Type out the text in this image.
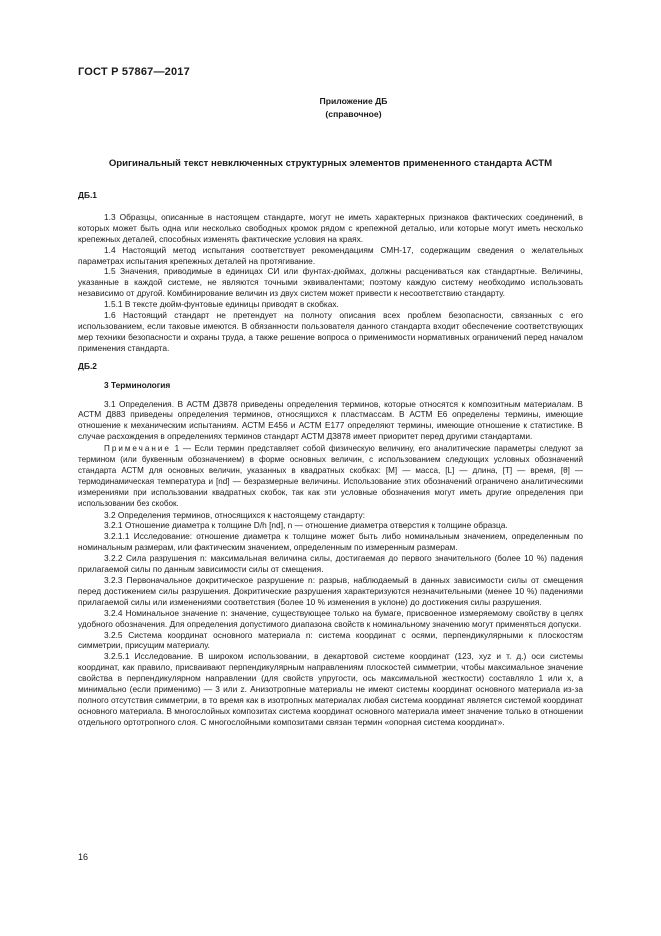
ГОСТ Р 57867—2017
Приложение ДБ
(справочное)
Оригинальный текст невключенных структурных элементов примененного стандарта АСТМ

ДБ.1

1.3 Образцы, описанные в настоящем стандарте, могут не иметь характерных признаков фактических соединений, в которых может быть одна или несколько свободных кромок рядом с крепежной деталью, или которые могут иметь несколько крепежных деталей, способных изменять фактические условия на краях.

1.4 Настоящий метод испытания соответствует рекомендациям СМН-17, содержащим сведения о желательных параметрах испытания крепежных деталей на протягивание.

1.5 Значения, приводимые в единицах СИ или фунтах-дюймах, должны расцениваться как стандартные. Величины, указанные в каждой системе, не являются точными эквивалентами; поэтому каждую систему необходимо использовать независимо от другой. Комбинирование величин из двух систем может привести к несоответствию стандарту.

1.5.1 В тексте дюйм-фунтовые единицы приводят в скобках.

1.6 Настоящий стандарт не претендует на полноту описания всех проблем безопасности, связанных с его использованием, если таковые имеются. В обязанности пользователя данного стандарта входит обеспечение соответствующих мер техники безопасности и охраны труда, а также решение вопроса о применимости нормативных ограничений перед началом применения стандарта.

ДБ.2

3 Терминология

3.1 Определения. В АСТМ Д3878 приведены определения терминов, которые относятся к композитным материалам. В АСТМ Д883 приведены определения терминов, относящихся к пластмассам. В АСТМ Е6 определены термины, имеющие отношение к механическим испытаниям. АСТМ Е456 и АСТМ Е177 определяют термины, имеющие отношение к статистике. В случае расхождения в определениях терминов стандарт АСТМ Д3878 имеет приоритет перед другими стандартами.

Примечание 1 — Если термин представляет собой физическую величину, его аналитические параметры следуют за термином (или буквенным обозначением) в форме основных величин, с использованием следующих условных обозначений стандарта АСТМ для основных величин, указанных в квадратных скобках: [М] — масса, [L] — длина, [Т] — время, [θ] — термодинамическая температура и [nd] — безразмерные величины. Использование этих обозначений ограничено аналитическими измерениями при использовании квадратных скобок, так как эти условные обозначения могут иметь другие определения при использовании без скобок.

3.2 Определения терминов, относящихся к настоящему стандарту:

3.2.1 Отношение диаметра к толщине D/h [nd], n — отношение диаметра отверстия к толщине образца.

3.2.1.1 Исследование: отношение диаметра к толщине может быть либо номинальным значением, определенным по номинальным размерам, или фактическим значением, определенным по измеренным размерам.

3.2.2 Сила разрушения n: максимальная величина силы, достигаемая до первого значительного (более 10 %) падения прилагаемой силы по данным зависимости силы от смещения.

3.2.3 Первоначальное докритическое разрушение n: разрыв, наблюдаемый в данных зависимости силы от смещения перед достижением силы разрушения. Докритические разрушения характеризуются незначительными (менее 10 %) падениями прилагаемой силы или изменениями соответствия (более 10 % изменения в уклоне) до достижения силы разрушения.

3.2.4 Номинальное значение n: значение, существующее только на бумаге, присвоенное измеряемому свойству в целях удобного обозначения. Для определения допустимого диапазона свойств к номинальному значению могут применяться допуски.

3.2.5 Система координат основного материала n: система координат с осями, перпендикулярными к плоскостям симметрии, присущим материалу.

3.2.5.1 Исследование. В широком использовании, в декартовой системе координат (123, xyz и т. д.) оси системы координат, как правило, присваивают перпендикулярным направлениям плоскостей симметрии, чтобы максимальное значение свойства в перпендикулярном направлении (для свойств упругости, ось максимальной жесткости) составляло 1 или x, а минимально (если применимо) — 3 или z. Анизотропные материалы не имеют системы координат основного материала из-за полного отсутствия симметрии, в то время как в изотропных материалах любая система координат является системой координат основного материала. В многослойных композитах система координат основного материала имеет значение только в отношении отдельного ортотропного слоя. С многослойными композитами связан термин «опорная система координат».

16
